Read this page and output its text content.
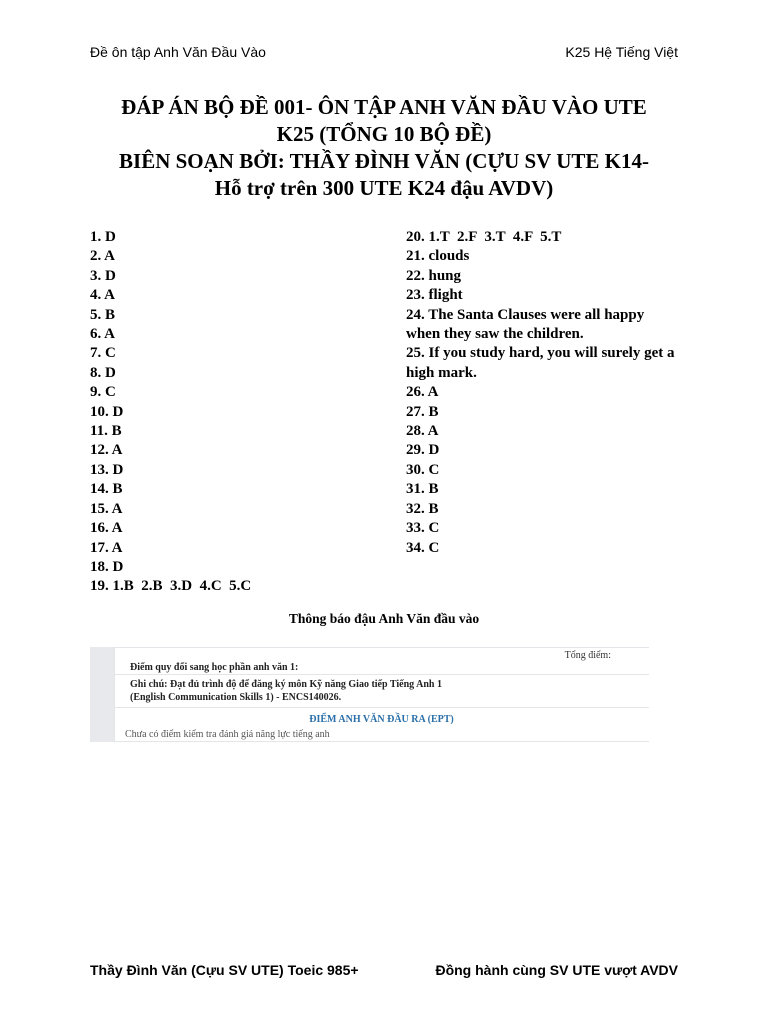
Đề ôn tập Anh Văn Đầu Vào	K25 Hệ Tiếng Việt
ĐÁP ÁN BỘ ĐỀ 001- ÔN TẬP ANH VĂN ĐẦU VÀO UTE
K25 (TỔNG 10 BỘ ĐỀ)
BIÊN SOẠN BỞI: THẦY ĐÌNH VĂN (CỰU SV UTE K14-
Hỗ trợ trên 300 UTE K24 đậu AVDV)
1. D
2. A
3. D
4. A
5. B
6. A
7. C
8. D
9. C
10. D
11. B
12. A
13. D
14. B
15. A
16. A
17. A
18. D
19. 1.B  2.B  3.D  4.C  5.C
20. 1.T  2.F  3.T  4.F  5.T
21. clouds
22. hung
23. flight
24. The Santa Clauses were all happy when they saw the children.
25. If you study hard, you will surely get a high mark.
26. A
27. B
28. A
29. D
30. C
31. B
32. B
33. C
34. C
Thông báo đậu Anh Văn đầu vào
Tổng điểm:
Điểm quy đổi sang học phần anh văn 1:
Ghi chú: Đạt đủ trình độ để đăng ký môn Kỹ năng Giao tiếp Tiếng Anh 1
(English Communication Skills 1) - ENCS140026.
ĐIỂM ANH VĂN ĐẦU RA (EPT)
Chưa có điểm kiểm tra đánh giá năng lực tiếng anh
Thầy Đình Văn (Cựu SV UTE) Toeic 985+	Đồng hành cùng SV UTE vượt AVDV
